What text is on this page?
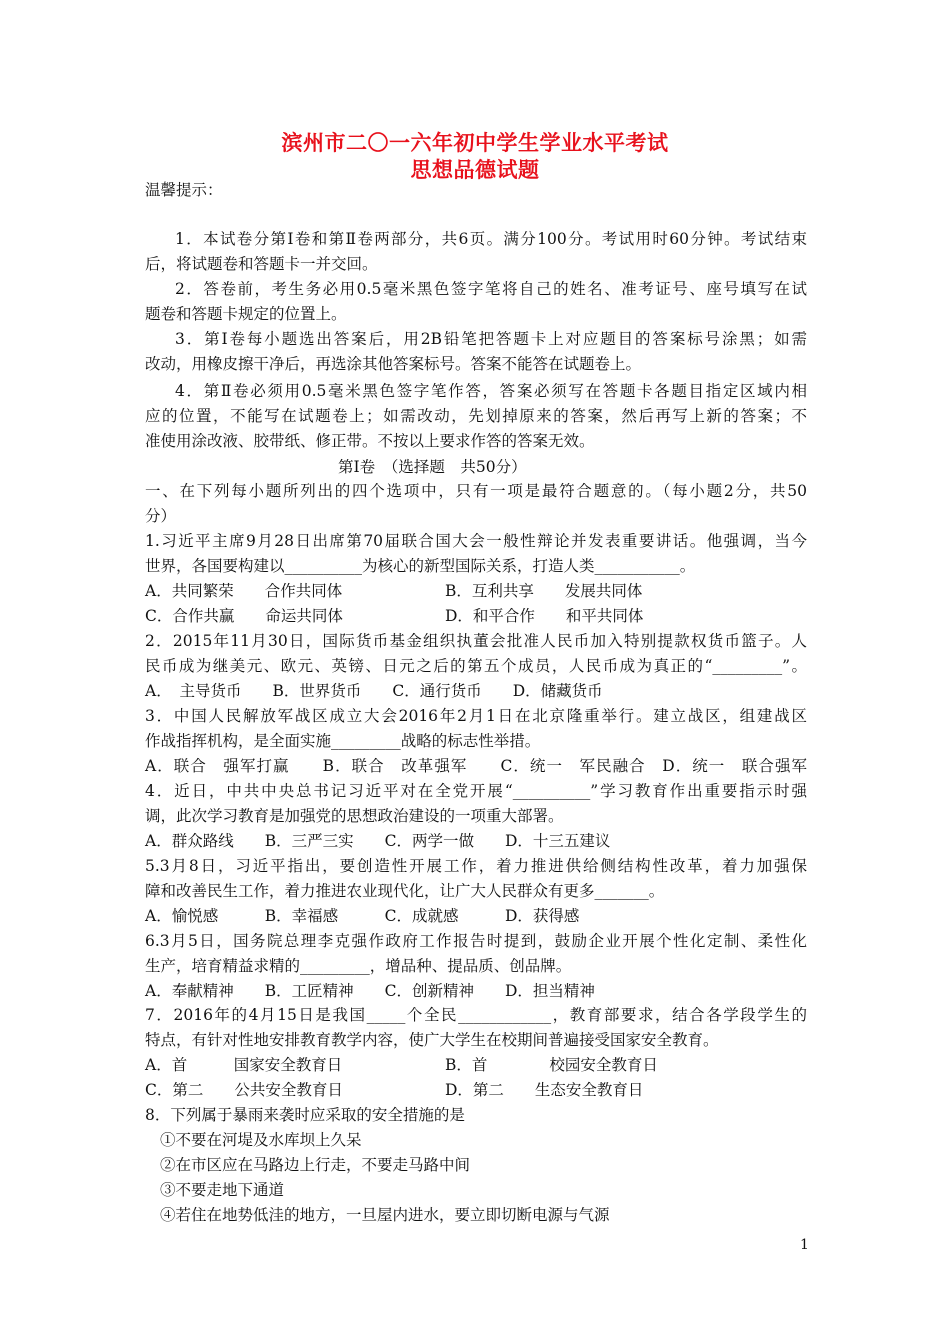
滨州市二〇一六年初中学生学业水平考试
思想品德试题
温馨提示：
1．本试卷分第Ⅰ卷和第Ⅱ卷两部分，共6页。满分100分。考试用时60分钟。考试结束
后，将试题卷和答题卡一并交回。
2．答卷前，考生务必用0.5毫米黑色签字笔将自己的姓名、准考证号、座号填写在试
题卷和答题卡规定的位置上。
3．第Ⅰ卷每小题选出答案后，用2B铅笔把答题卡上对应题目的答案标号涂黑；如需
改动，用橡皮擦干净后，再选涂其他答案标号。答案不能答在试题卷上。
4．第Ⅱ卷必须用0.5毫米黑色签字笔作答，答案必须写在答题卡各题目指定区域内相
应的位置，不能写在试题卷上；如需改动，先划掉原来的答案，然后再写上新的答案；不
准使用涂改液、胶带纸、修正带。不按以上要求作答的答案无效。
第Ⅰ卷　（选择题　共50分）
一、在下列每小题所列出的四个选项中，只有一项是最符合题意的。（每小题2分，共50
分）
1.习近平主席9月28日出席第70届联合国大会一般性辩论并发表重要讲话。他强调，当今
世界，各国要构建以__________为核心的新型国际关系，打造人类___________。
A．共同繁荣　　合作共同体	B．互利共享　　发展共同体
C．合作共赢　　命运共同体	D．和平合作　　和平共同体
2．2015年11月30日，国际货币基金组织执董会批准人民币加入特别提款权货币篮子。人
民币成为继美元、欧元、英镑、日元之后的第五个成员，人民币成为真正的“_________”。
A．　主导货币　　B．世界货币　　C．通行货币　　D．储藏货币
3．中国人民解放军战区成立大会2016年2月1日在北京隆重举行。建立战区，组建战区
作战指挥机构，是全面实施_________战略的标志性举措。
A．联合　强军打赢　　B．联合　改革强军　　C．统一　军民融合　D．统一　联合强军
4．近日，中共中央总书记习近平对在全党开展“__________”学习教育作出重要指示时强
调，此次学习教育是加强党的思想政治建设的一项重大部署。
A．群众路线　　B．三严三实　　C．两学一做　　D．十三五建议
5.3月8日，习近平指出，要创造性开展工作，着力推进供给侧结构性改革，着力加强保
障和改善民生工作，着力推进农业现代化，让广大人民群众有更多_______。
A．愉悦感　　　B．幸福感　　　C．成就感　　　D．获得感
6.3月5日，国务院总理李克强作政府工作报告时提到，鼓励企业开展个性化定制、柔性化
生产，培育精益求精的_________，增品种、提品质、创品牌。
A．奉献精神　　B．工匠精神　　C．创新精神　　D．担当精神
7．2016年的4月15日是我国_____个全民____________，教育部要求，结合各学段学生的
特点，有针对性地安排教育教学内容，使广大学生在校期间普遍接受国家安全教育。
A．首　　　国家安全教育日	B．首　　　　校园安全教育日
C．第二　　公共安全教育日	D．第二　　生态安全教育日
8．下列属于暴雨来袭时应采取的安全措施的是
①不要在河堤及水库坝上久呆
②在市区应在马路边上行走，不要走马路中间
③不要走地下通道
④若住在地势低洼的地方，一旦屋内进水，要立即切断电源与气源
1
